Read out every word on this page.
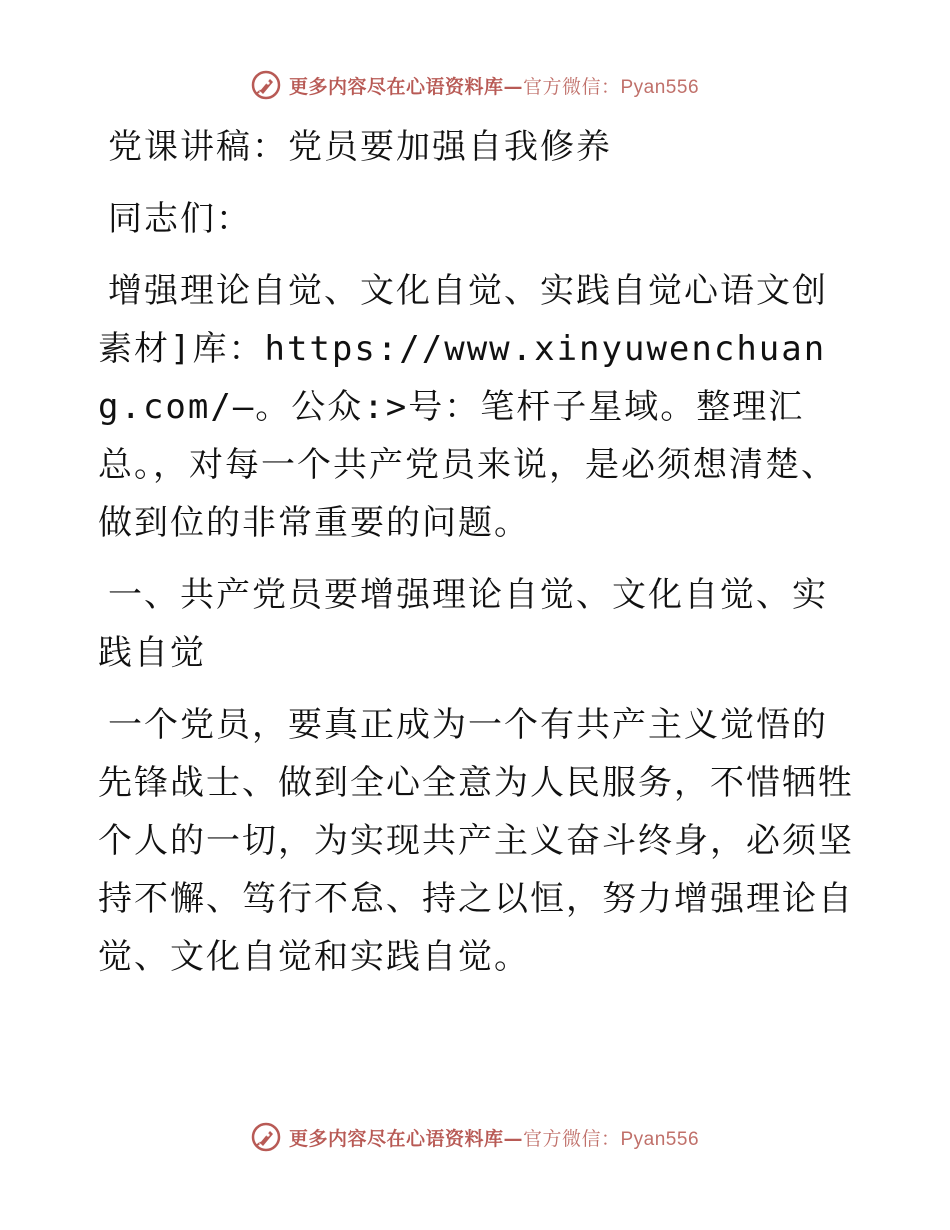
更多内容尽在心语资料库—官方微信：Pyan556

党课讲稿：党员要加强自我修养

同志们：

增强理论自觉、文化自觉、实践自觉心语文创素材]库：https://www.xinyuwenchuang.com/—。公众:>号：笔杆子星域。整理汇总。，对每一个共产党员来说，是必须想清楚、做到位的非常重要的问题。

一、共产党员要增强理论自觉、文化自觉、实践自觉

一个党员，要真正成为一个有共产主义觉悟的先锋战士、做到全心全意为人民服务，不惜牺牲个人的一切，为实现共产主义奋斗终身，必须坚持不懈、笃行不怠、持之以恒，努力增强理论自觉、文化自觉和实践自觉。

更多内容尽在心语资料库—官方微信：Pyan556
